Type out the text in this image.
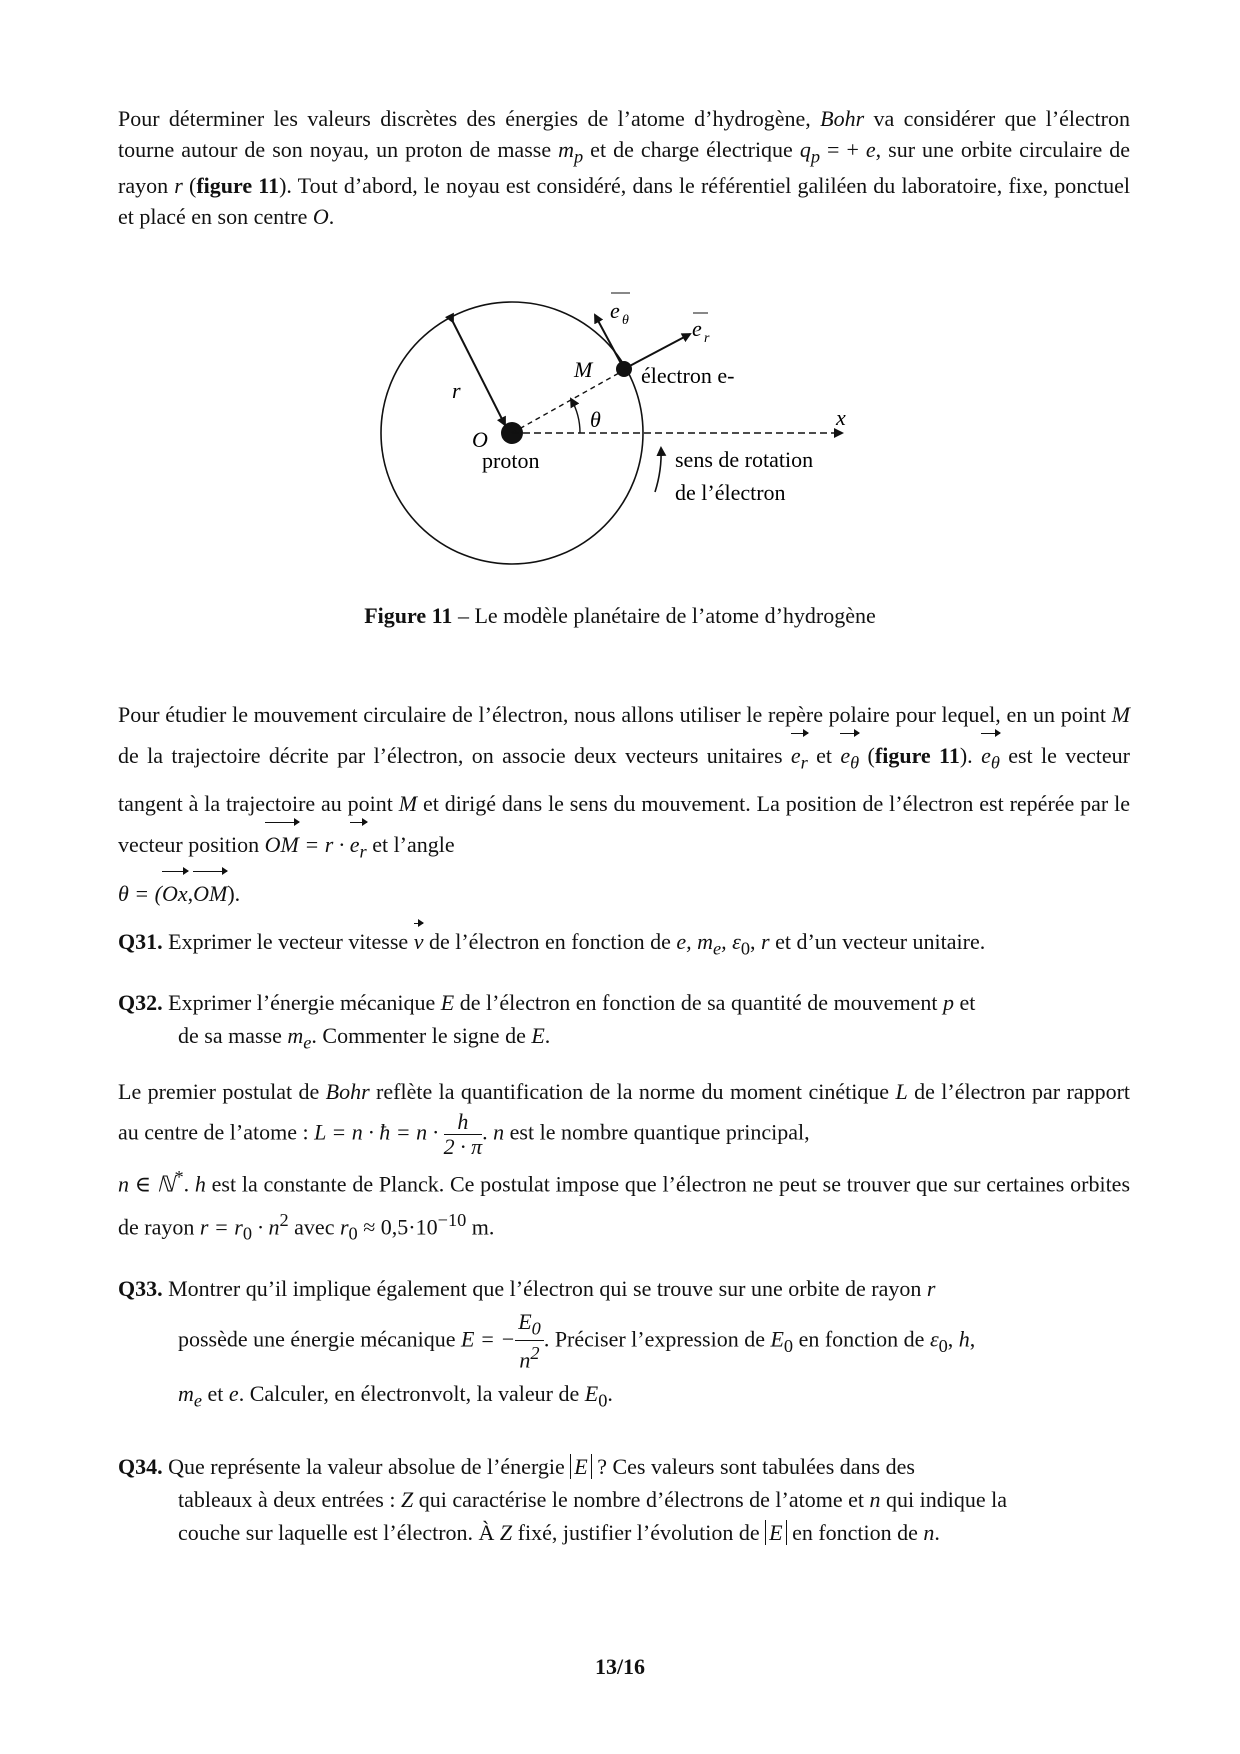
Pour déterminer les valeurs discrètes des énergies de l’atome d’hydrogène, Bohr va considérer que l’électron tourne autour de son noyau, un proton de masse $m_p$ et de charge électrique $q_p$ = + e, sur une orbite circulaire de rayon r (figure 11). Tout d’abord, le noyau est considéré, dans le référentiel galiléen du laboratoire, fixe, ponctuel et placé en son centre O.
e θ	e r
M électron e-
r
θ	x
O
proton	sens de rotation
de l’électron
Figure 11 – Le modèle planétaire de l’atome d’hydrogène
Pour étudier le mouvement circulaire de l’électron, nous allons utiliser le repère polaire pour lequel, en un point M de la trajectoire décrite par l’électron, on associe deux vecteurs unitaires $e_r$ et $e_\theta$ (figure 11). $e_\theta$ est le vecteur tangent à la trajectoire au point M et dirigé dans le sens du mouvement. La position de l’électron est repérée par le vecteur position OM = $r \cdot e_r$ et l’angle
θ = (Ox,OM).
Q31. Exprimer le vecteur vitesse v de l’électron en fonction de e, $m_e$, $\varepsilon_0$, r et d’un vecteur unitaire.
Q32. Exprimer l’énergie mécanique E de l’électron en fonction de sa quantité de mouvement p et
de sa masse $m_e$. Commenter le signe de E.
Le premier postulat de Bohr reflète la quantification de la norme du moment cinétique L de l’électron par rapport au centre de l’atome : L = n · ħ = $n \cdot \frac{h}{2 \cdot \pi}$ . n est le nombre quantique principal,
n ∈ ℕ*. h est la constante de Planck. Ce postulat impose que l’électron ne peut se trouver que sur certaines orbites de rayon $r = r_0 \cdot n^2$ avec $r_0 \approx 0,5\cdot 10^{-10}$ m.
Q33. Montrer qu’il implique également que l’électron qui se trouve sur une orbite de rayon r
possède une énergie mécanique E = − $\frac{E_0}{n^2}$ . Préciser l’expression de $E_0$ en fonction de $\varepsilon_0$, h,
$m_e$ et e. Calculer, en électronvolt, la valeur de $E_0$.
Q34. Que représente la valeur absolue de l’énergie E ? Ces valeurs sont tabulées dans des
tableaux à deux entrées : Z qui caractérise le nombre d’électrons de l’atome et n qui indique la
couche sur laquelle est l’électron. À Z fixé, justifier l’évolution de E en fonction de n.
13/16
